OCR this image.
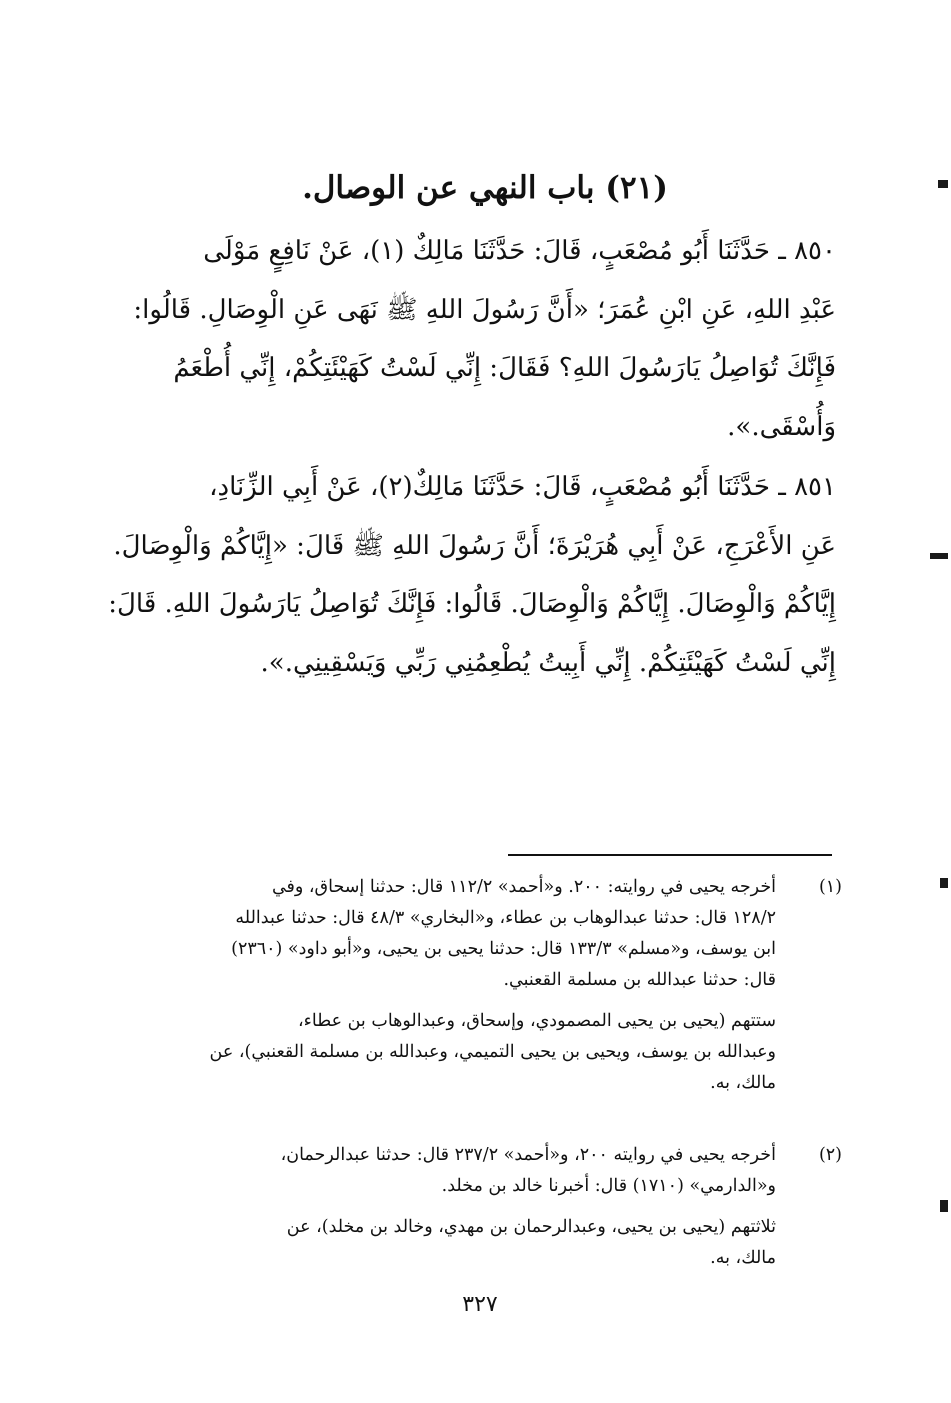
(٢١) باب النهي عن الوصال.
٨٥٠ ـ حَدَّثَنَا أَبُو مُصْعَبٍ، قَالَ: حَدَّثَنَا مَالِكٌ (١)، عَنْ نَافِعٍ مَوْلَى
عَبْدِ اللهِ، عَنِ ابْنِ عُمَرَ؛ «أَنَّ رَسُولَ اللهِ ﷺ نَهَى عَنِ الْوِصَالِ. قَالُوا:
فَإِنَّكَ تُوَاصِلُ يَارَسُولَ اللهِ؟ فَقَالَ: إِنِّي لَسْتُ كَهَيْئَتِكُمْ، إِنِّي أُطْعَمُ
وَأُسْقَى.».
٨٥١ ـ حَدَّثَنَا أَبُو مُصْعَبٍ، قَالَ: حَدَّثَنَا مَالِكٌ(٢)، عَنْ أَبِي الزِّنَادِ،
عَنِ الأَعْرَجِ، عَنْ أَبِي هُرَيْرَةَ؛ أَنَّ رَسُولَ اللهِ ﷺ قَالَ: «إِيَّاكُمْ وَالْوِصَالَ.
إِيَّاكُمْ وَالْوِصَالَ. إِيَّاكُمْ وَالْوِصَالَ. قَالُوا: فَإِنَّكَ تُوَاصِلُ يَارَسُولَ اللهِ. قَالَ:
إِنِّي لَسْتُ كَهَيْئَتِكُمْ. إِنِّي أَبِيتُ يُطْعِمُنِي رَبِّي وَيَسْقِينِي.».
(١)
أخرجه يحيى في روايته: ٢٠٠. و«أحمد» ١١٢/٢ قال: حدثنا إسحاق، وفي
١٢٨/٢ قال: حدثنا عبدالوهاب بن عطاء، و«البخاري» ٤٨/٣ قال: حدثنا عبدالله
ابن يوسف، و«مسلم» ١٣٣/٣ قال: حدثنا يحيى بن يحيى، و«أبو داود» (٢٣٦٠)
قال: حدثنا عبدالله بن مسلمة القعنبي.
ستتهم (يحيى بن يحيى المصمودي، وإسحاق، وعبدالوهاب بن عطاء،
وعبدالله بن يوسف، ويحيى بن يحيى التميمي، وعبدالله بن مسلمة القعنبي)، عن
مالك، به.
(٢)
أخرجه يحيى في روايته ٢٠٠، و«أحمد» ٢٣٧/٢ قال: حدثنا عبدالرحمان،
و«الدارمي» (١٧١٠) قال: أخبرنا خالد بن مخلد.
ثلاثتهم (يحيى بن يحيى، وعبدالرحمان بن مهدي، وخالد بن مخلد)، عن
مالك، به.
٣٢٧
